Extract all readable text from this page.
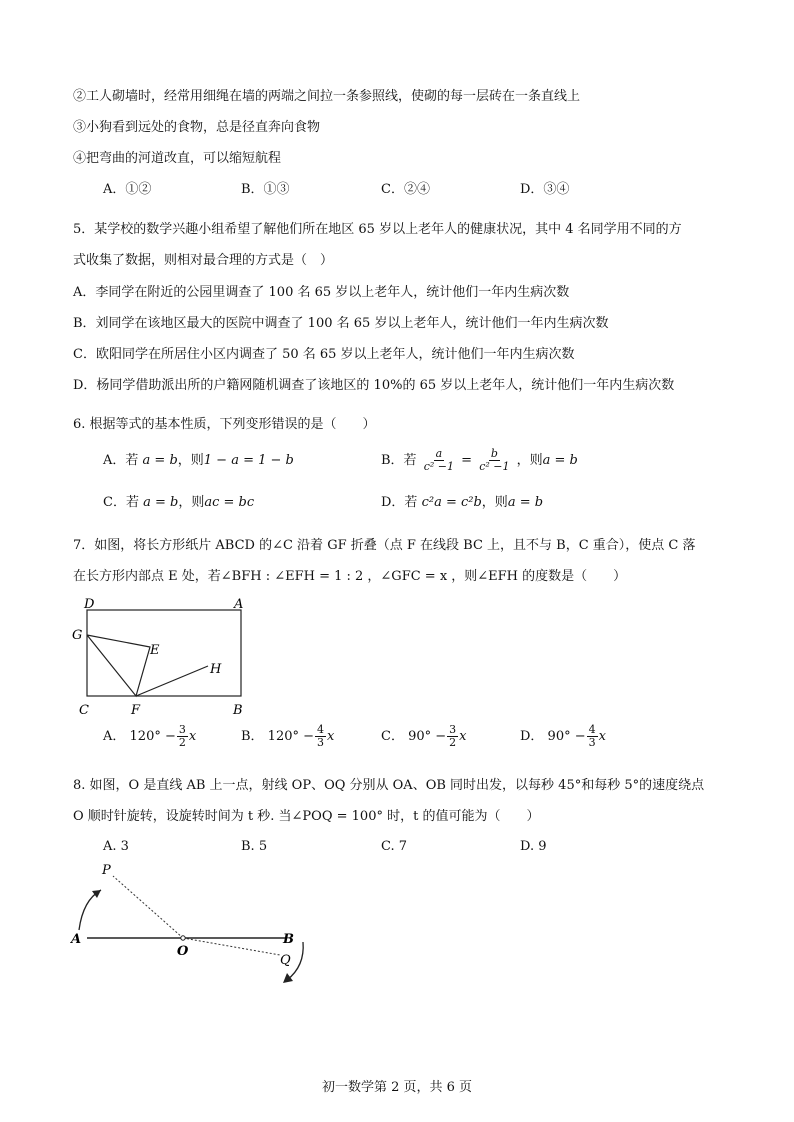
②工人砌墙时，经常用细绳在墙的两端之间拉一条参照线，使砌的每一层砖在一条直线上
③小狗看到远处的食物，总是径直奔向食物
④把弯曲的河道改直，可以缩短航程
A．①②	B．①③	C．②④	D．③④
5．某学校的数学兴趣小组希望了解他们所在地区 65 岁以上老年人的健康状况，其中 4 名同学用不同的方
式收集了数据，则相对最合理的方式是（　）
A．李同学在附近的公园里调查了 100 名 65 岁以上老年人，统计他们一年内生病次数
B．刘同学在该地区最大的医院中调查了 100 名 65 岁以上老年人，统计他们一年内生病次数
C．欧阳同学在所居住小区内调查了 50 名 65 岁以上老年人，统计他们一年内生病次数
D．杨同学借助派出所的户籍网随机调查了该地区的 10%的 65 岁以上老年人，统计他们一年内生病次数
6. 根据等式的基本性质，下列变形错误的是（　　）
A．若 a = b，则1 − a = 1 − b	B．若 $\frac{a}{\text{c² −1}} = \frac{b}{\text{c² −1}}$ ，则a = b
C．若 a = b，则ac = bc	D．若 c²a = c²b，则a = b
7．如图，将长方形纸片 ABCD 的∠C 沿着 GF 折叠（点 F 在线段 BC 上，且不与 B，C 重合），使点 C 落
在长方形内部点 E 处，若∠BFH : ∠EFH = 1 : 2 ，∠GFC = x ，则∠EFH 的度数是（　　）
D	A
G
E
H
C	F	B
A． $120^\circ - \frac{3}{2}$ x	B． $120^\circ - \frac{4}{3}$ x	C． $90^\circ - \frac{3}{2}$ x	D． $90^\circ - \frac{4}{3}$ x
8. 如图，O 是直线 AB 上一点，射线 OP、OQ 分别从 OA、OB 同时出发，以每秒 45°和每秒 5°的速度绕点
O 顺时针旋转，设旋转时间为 t 秒. 当∠POQ = 100° 时，t 的值可能为（　　）
A. 3	B. 5	C. 7	D. 9
P
A
O
B
Q
初一数学第 2 页，共 6 页
